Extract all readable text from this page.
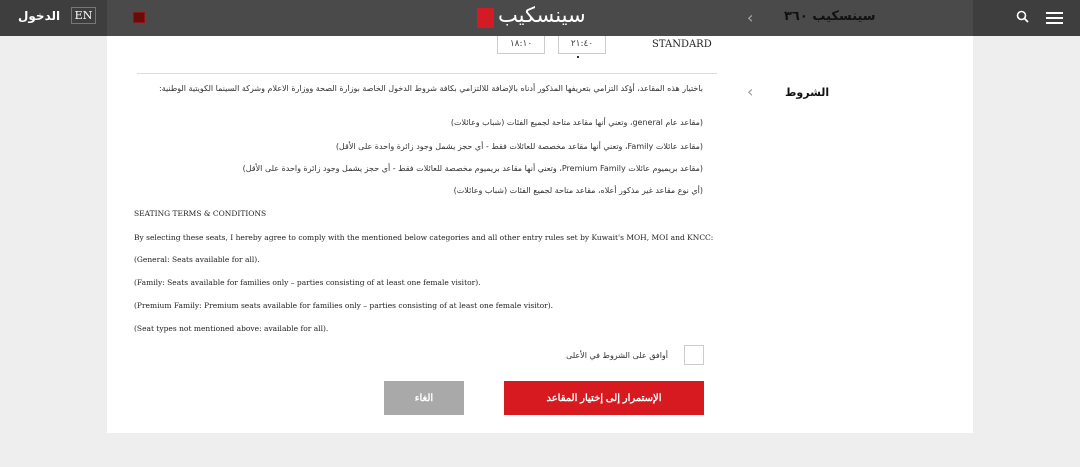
الدخول	EN	سينسكيب	‹ سينسكيب ٣٦٠
١٨:١٠	٢١:٤٠	STANDARD
‹	الشروط
باختيار هذه المقاعد، أؤكد التزامي بتعريفها المذكور أدناه بالإضافة للالتزامي بكافة شروط الدخول الخاصة بوزارة الصحة ووزارة الاعلام وشركة السينما الكويتية الوطنية:
(مقاعد عام general، وتعني أنها مقاعد متاحة لجميع الفئات (شباب وعائلات)
(مقاعد عائلات Family، وتعني أنها مقاعد مخصصة للعائلات فقط - أي حجز يشمل وجود زائرة واحدة على الأقل)
(مقاعد بريميوم عائلات Premium Family، وتعني أنها مقاعد بريميوم مخصصة للعائلات فقط - أي حجز يشمل وجود زائرة واحدة على الأقل)
(أي نوع مقاعد غير مذكور أعلاه، مقاعد متاحة لجميع الفئات (شباب وعائلات)
SEATING TERMS & CONDITIONS
By selecting these seats, I hereby agree to comply with the mentioned below categories and all other entry rules set by Kuwait's MOH, MOI and KNCC:
(General: Seats available for all).
(Family: Seats available for families only – parties consisting of at least one female visitor).
(Premium Family: Premium seats available for families only – parties consisting of at least one female visitor).
(Seat types not mentioned above: available for all).
أوافق على الشروط في الأعلى
الغاء	الإستمرار إلى إختيار المقاعد
